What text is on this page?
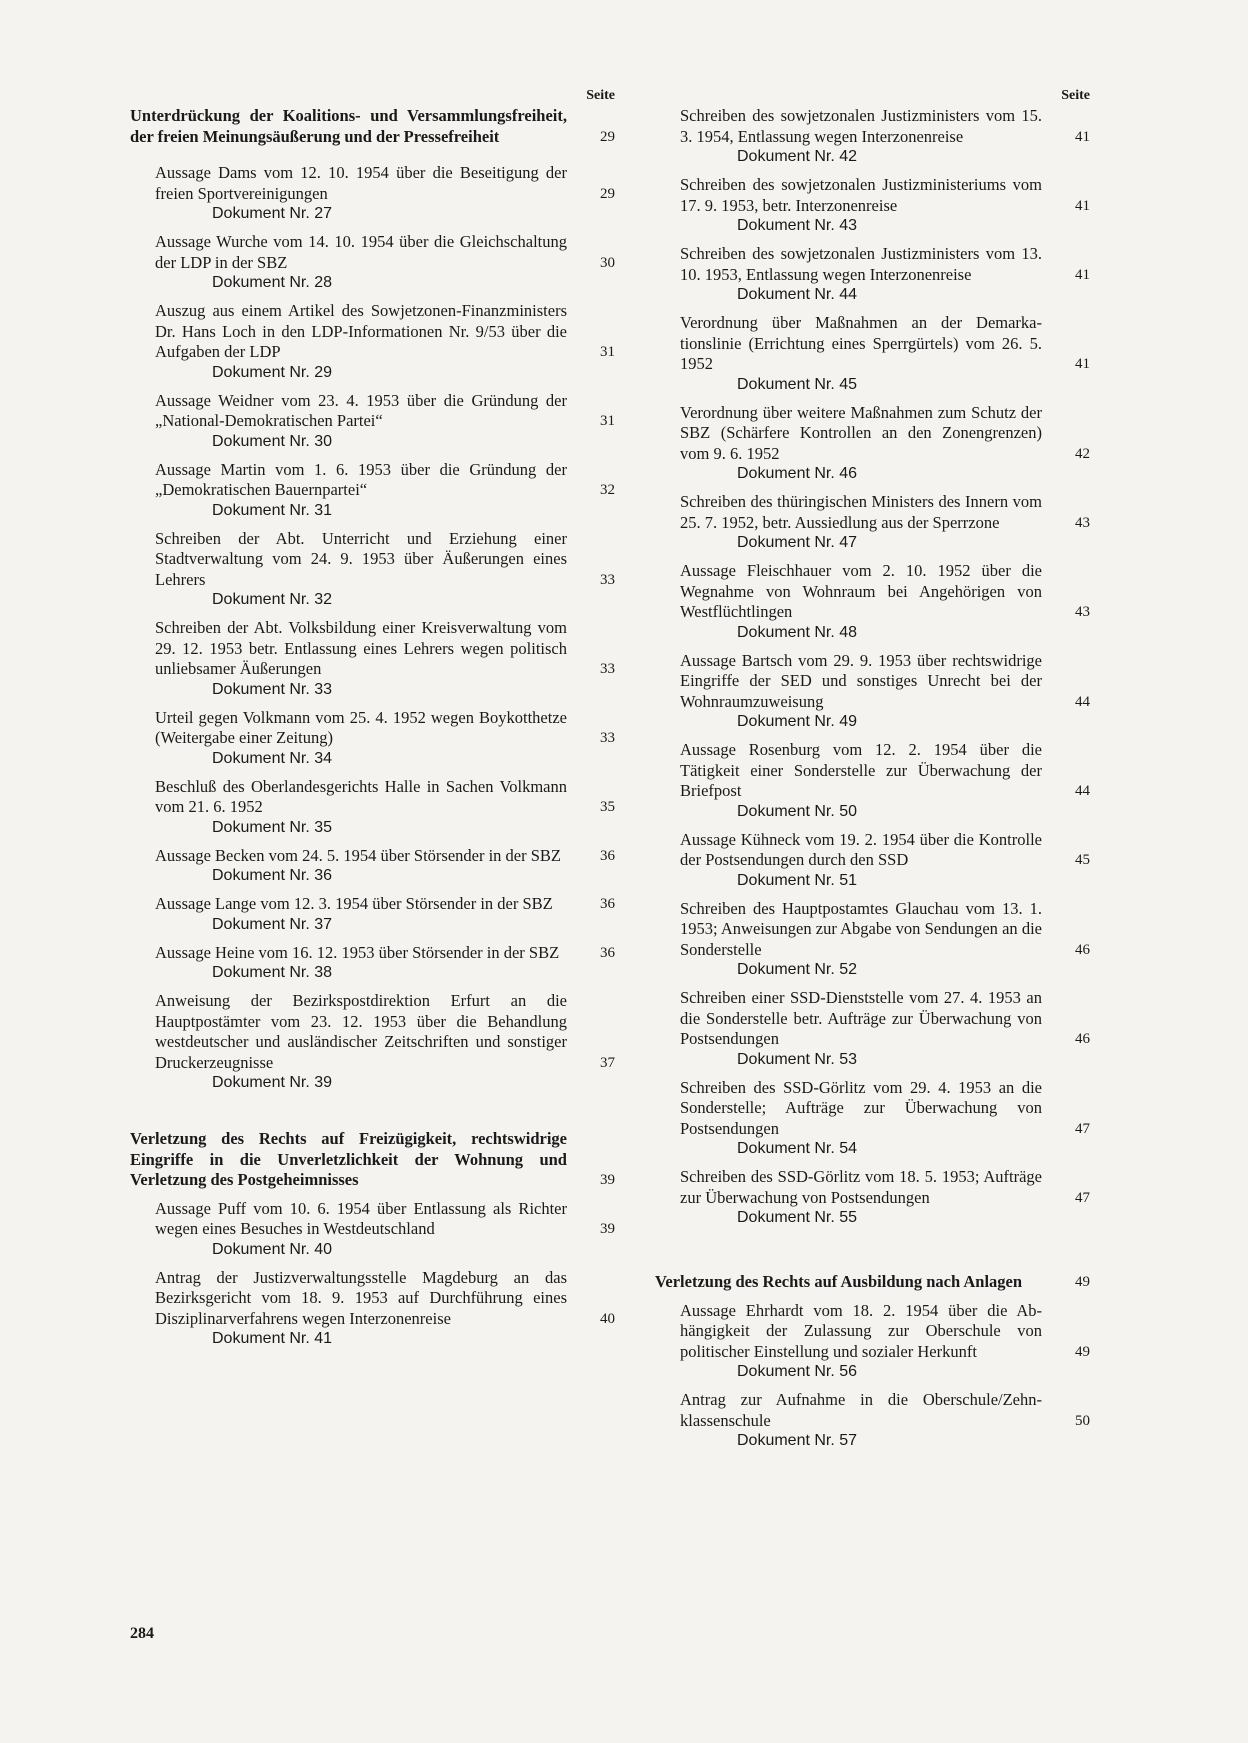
Seite
Unterdrückung der Koalitions- und Versammlungsfreiheit, der freien Meinungsäußerung und der Pressefreiheit	29
Aussage Dams vom 12. 10. 1954 über die Beseitigung der freien Sportvereinigungen	29
Dokument Nr. 27
Aussage Wurche vom 14. 10. 1954 über die Gleichschaltung der LDP in der SBZ	30
Dokument Nr. 28
Auszug aus einem Artikel des Sowjetzonen-Finanzministers Dr. Hans Loch in den LDP-Informationen Nr. 9/53 über die Aufgaben der LDP	31
Dokument Nr. 29
Aussage Weidner vom 23. 4. 1953 über die Gründung der „National-Demokratischen Partei“	31
Dokument Nr. 30
Aussage Martin vom 1. 6. 1953 über die Gründung der „Demokratischen Bauernpartei“	32
Dokument Nr. 31
Schreiben der Abt. Unterricht und Erziehung einer Stadtverwaltung vom 24. 9. 1953 über Äußerungen eines Lehrers	33
Dokument Nr. 32
Schreiben der Abt. Volksbildung einer Kreisverwaltung vom 29. 12. 1953 betr. Entlassung eines Lehrers wegen politisch unliebsamer Äußerungen	33
Dokument Nr. 33
Urteil gegen Volkmann vom 25. 4. 1952 wegen Boykotthetze (Weitergabe einer Zeitung)	33
Dokument Nr. 34
Beschluß des Oberlandesgerichts Halle in Sachen Volkmann vom 21. 6. 1952	35
Dokument Nr. 35
Aussage Becken vom 24. 5. 1954 über Störsender in der SBZ	36
Dokument Nr. 36
Aussage Lange vom 12. 3. 1954 über Störsender in der SBZ	36
Dokument Nr. 37
Aussage Heine vom 16. 12. 1953 über Störsender in der SBZ	36
Dokument Nr. 38
Anweisung der Bezirkspostdirektion Erfurt an die Hauptpostämter vom 23. 12. 1953 über die Behandlung westdeutscher und ausländischer Zeitschriften und sonstiger Druckerzeugnisse	37
Dokument Nr. 39
Verletzung des Rechts auf Freizügigkeit, rechtswidrige Eingriffe in die Unverletzlichkeit der Wohnung und Verletzung des Postgeheimnisses	39
Aussage Puff vom 10. 6. 1954 über Entlassung als Richter wegen eines Besuches in Westdeutschland	39
Dokument Nr. 40
Antrag der Justizverwaltungsstelle Magdeburg an das Bezirksgericht vom 18. 9. 1953 auf Durchführung eines Disziplinarverfahrens wegen Interzonenreise	40
Dokument Nr. 41
Seite
Schreiben des sowjetzonalen Justizministers vom 15. 3. 1954, Entlassung wegen Interzonenreise	41
Dokument Nr. 42
Schreiben des sowjetzonalen Justizministeriums vom 17. 9. 1953, betr. Interzonenreise	41
Dokument Nr. 43
Schreiben des sowjetzonalen Justizministers vom 13. 10. 1953, Entlassung wegen Interzonenreise	41
Dokument Nr. 44
Verordnung über Maßnahmen an der Demarkationslinie (Errichtung eines Sperrgürtels) vom 26. 5. 1952	41
Dokument Nr. 45
Verordnung über weitere Maßnahmen zum Schutz der SBZ (Schärfere Kontrollen an den Zonengrenzen) vom 9. 6. 1952	42
Dokument Nr. 46
Schreiben des thüringischen Ministers des Innern vom 25. 7. 1952, betr. Aussiedlung aus der Sperrzone	43
Dokument Nr. 47
Aussage Fleischhauer vom 2. 10. 1952 über die Wegnahme von Wohnraum bei Angehörigen von Westflüchtlingen	43
Dokument Nr. 48
Aussage Bartsch vom 29. 9. 1953 über rechtswidrige Eingriffe der SED und sonstiges Unrecht bei der Wohnraumzuweisung	44
Dokument Nr. 49
Aussage Rosenburg vom 12. 2. 1954 über die Tätigkeit einer Sonderstelle zur Überwachung der Briefpost	44
Dokument Nr. 50
Aussage Kühneck vom 19. 2. 1954 über die Kontrolle der Postsendungen durch den SSD	45
Dokument Nr. 51
Schreiben des Hauptpostamtes Glauchau vom 13. 1. 1953; Anweisungen zur Abgabe von Sendungen an die Sonderstelle	46
Dokument Nr. 52
Schreiben einer SSD-Dienststelle vom 27. 4. 1953 an die Sonderstelle betr. Aufträge zur Überwachung von Postsendungen	46
Dokument Nr. 53
Schreiben des SSD-Görlitz vom 29. 4. 1953 an die Sonderstelle; Aufträge zur Überwachung von Postsendungen	47
Dokument Nr. 54
Schreiben des SSD-Görlitz vom 18. 5. 1953; Aufträge zur Überwachung von Postsendungen	47
Dokument Nr. 55
Verletzung des Rechts auf Ausbildung nach Anlagen	49
Aussage Ehrhardt vom 18. 2. 1954 über die Abhängigkeit der Zulassung zur Oberschule von politischer Einstellung und sozialer Herkunft	49
Dokument Nr. 56
Antrag zur Aufnahme in die Oberschule/Zehnklassenschule	50
Dokument Nr. 57
284
